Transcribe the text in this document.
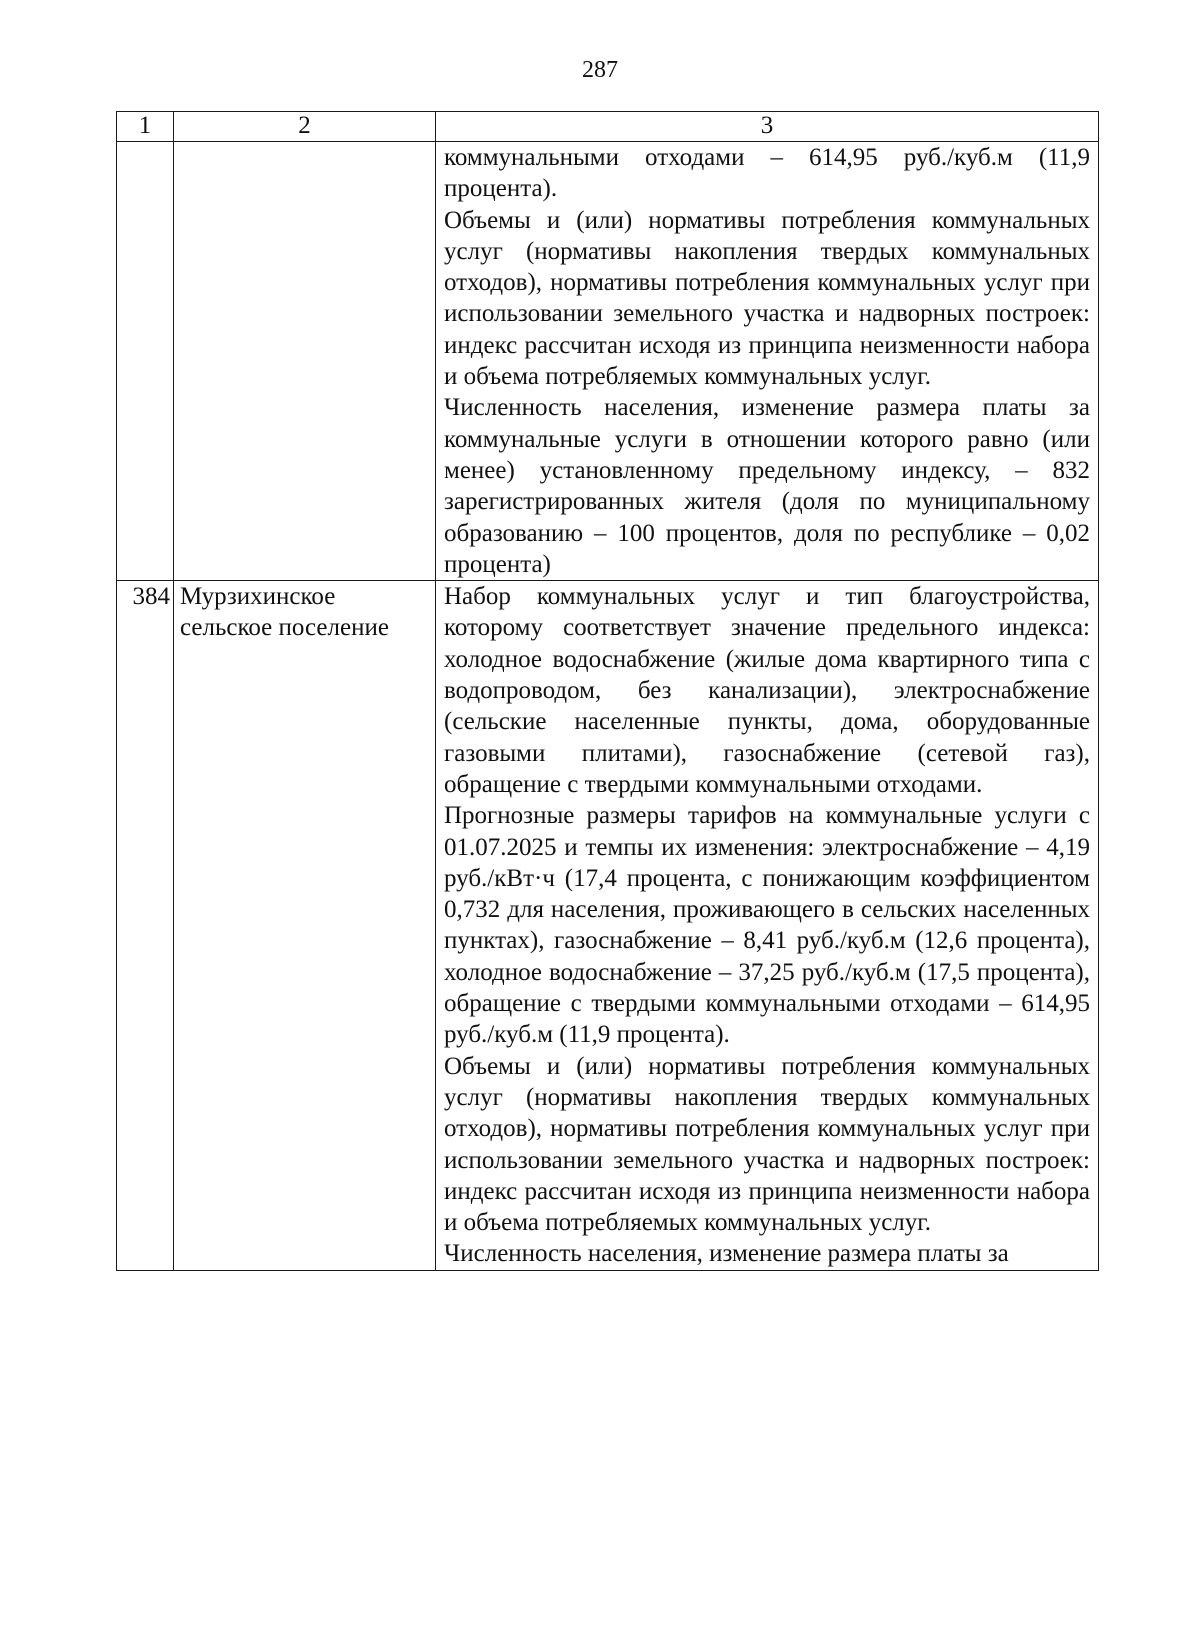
287
1	2	3

		коммунальными отходами – 614,95 руб./куб.м (11,9 процента).

Объемы и (или) нормативы потребления коммунальных услуг (нормативы накопления твердых коммунальных отходов), нормативы потребления коммунальных услуг при использовании земельного участка и надворных построек: индекс рассчитан исходя из принципа неизменности набора и объема потребляемых коммунальных услуг.

Численность населения, изменение размера платы за коммунальные услуги в отношении которого равно (или менее) установленному предельному индексу, – 832 зарегистрированных жителя (доля по муниципальному образованию – 100 процентов, доля по республике – 0,02 процента)

384	Мурзихинское сельское поселение	Набор коммунальных услуг и тип благоустройства, которому соответствует значение предельного индекса: холодное водоснабжение (жилые дома квартирного типа с водопроводом, без канализации), электроснабжение (сельские населенные пункты, дома, оборудованные газовыми плитами), газоснабжение (сетевой газ), обращение с твердыми коммунальными отходами.

Прогнозные размеры тарифов на коммунальные услуги с 01.07.2025 и темпы их изменения: электроснабжение – 4,19 руб./кВт·ч (17,4 процента, с понижающим коэффициентом 0,732 для населения, проживающего в сельских населенных пунктах), газоснабжение – 8,41 руб./куб.м (12,6 процента), холодное водоснабжение – 37,25 руб./куб.м (17,5 процента), обращение с твердыми коммунальными отходами – 614,95 руб./куб.м (11,9 процента).

Объемы и (или) нормативы потребления коммунальных услуг (нормативы накопления твердых коммунальных отходов), нормативы потребления коммунальных услуг при использовании земельного участка и надворных построек: индекс рассчитан исходя из принципа неизменности набора и объема потребляемых коммунальных услуг.

Численность населения, изменение размера платы за
